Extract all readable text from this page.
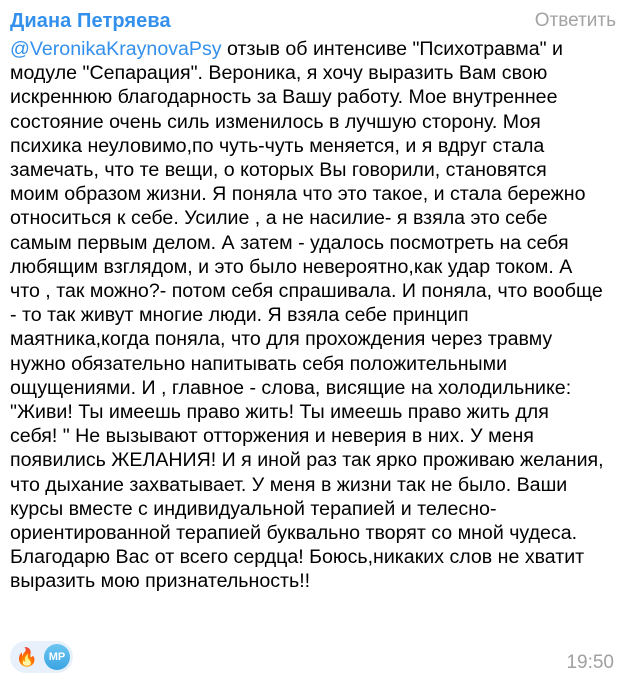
Диана Петряева	Ответить
@VeronikaKraynovaPsy отзыв об интенсиве "Психотравма" и
модуле "Сепарация". Вероника, я хочу выразить Вам свою
искреннюю благодарность за Вашу работу. Мое внутреннее
состояние очень силь изменилось в лучшую сторону. Моя
психика неуловимо,по чуть-чуть меняется, и я вдруг стала
замечать, что те вещи, о которых Вы говорили, становятся
моим образом жизни. Я поняла что это такое, и стала бережно
относиться к себе. Усилие , а не насилие- я взяла это себе
самым первым делом. А затем - удалось посмотреть на себя
любящим взглядом, и это было невероятно,как удар током. А
что , так можно?- потом себя спрашивала. И поняла, что вообще
- то так живут многие люди. Я взяла себе принцип
маятника,когда поняла, что для прохождения через травму
нужно обязательно напитывать себя положительными
ощущениями. И , главное - слова, висящие на холодильнике:
"Живи! Ты имеешь право жить! Ты имеешь право жить для
себя! " Не вызывают отторжения и неверия в них. У меня
появились ЖЕЛАНИЯ! И я иной раз так ярко проживаю желания,
что дыхание захватывает. У меня в жизни так не было. Ваши
курсы вместе с индивидуальной терапией и телесно-
ориентированной терапией буквально творят со мной чудеса.
Благодарю Вас от всего сердца! Боюсь,никаких слов не хватит
выразить мою признательность!!
🔥 MP	19:50
